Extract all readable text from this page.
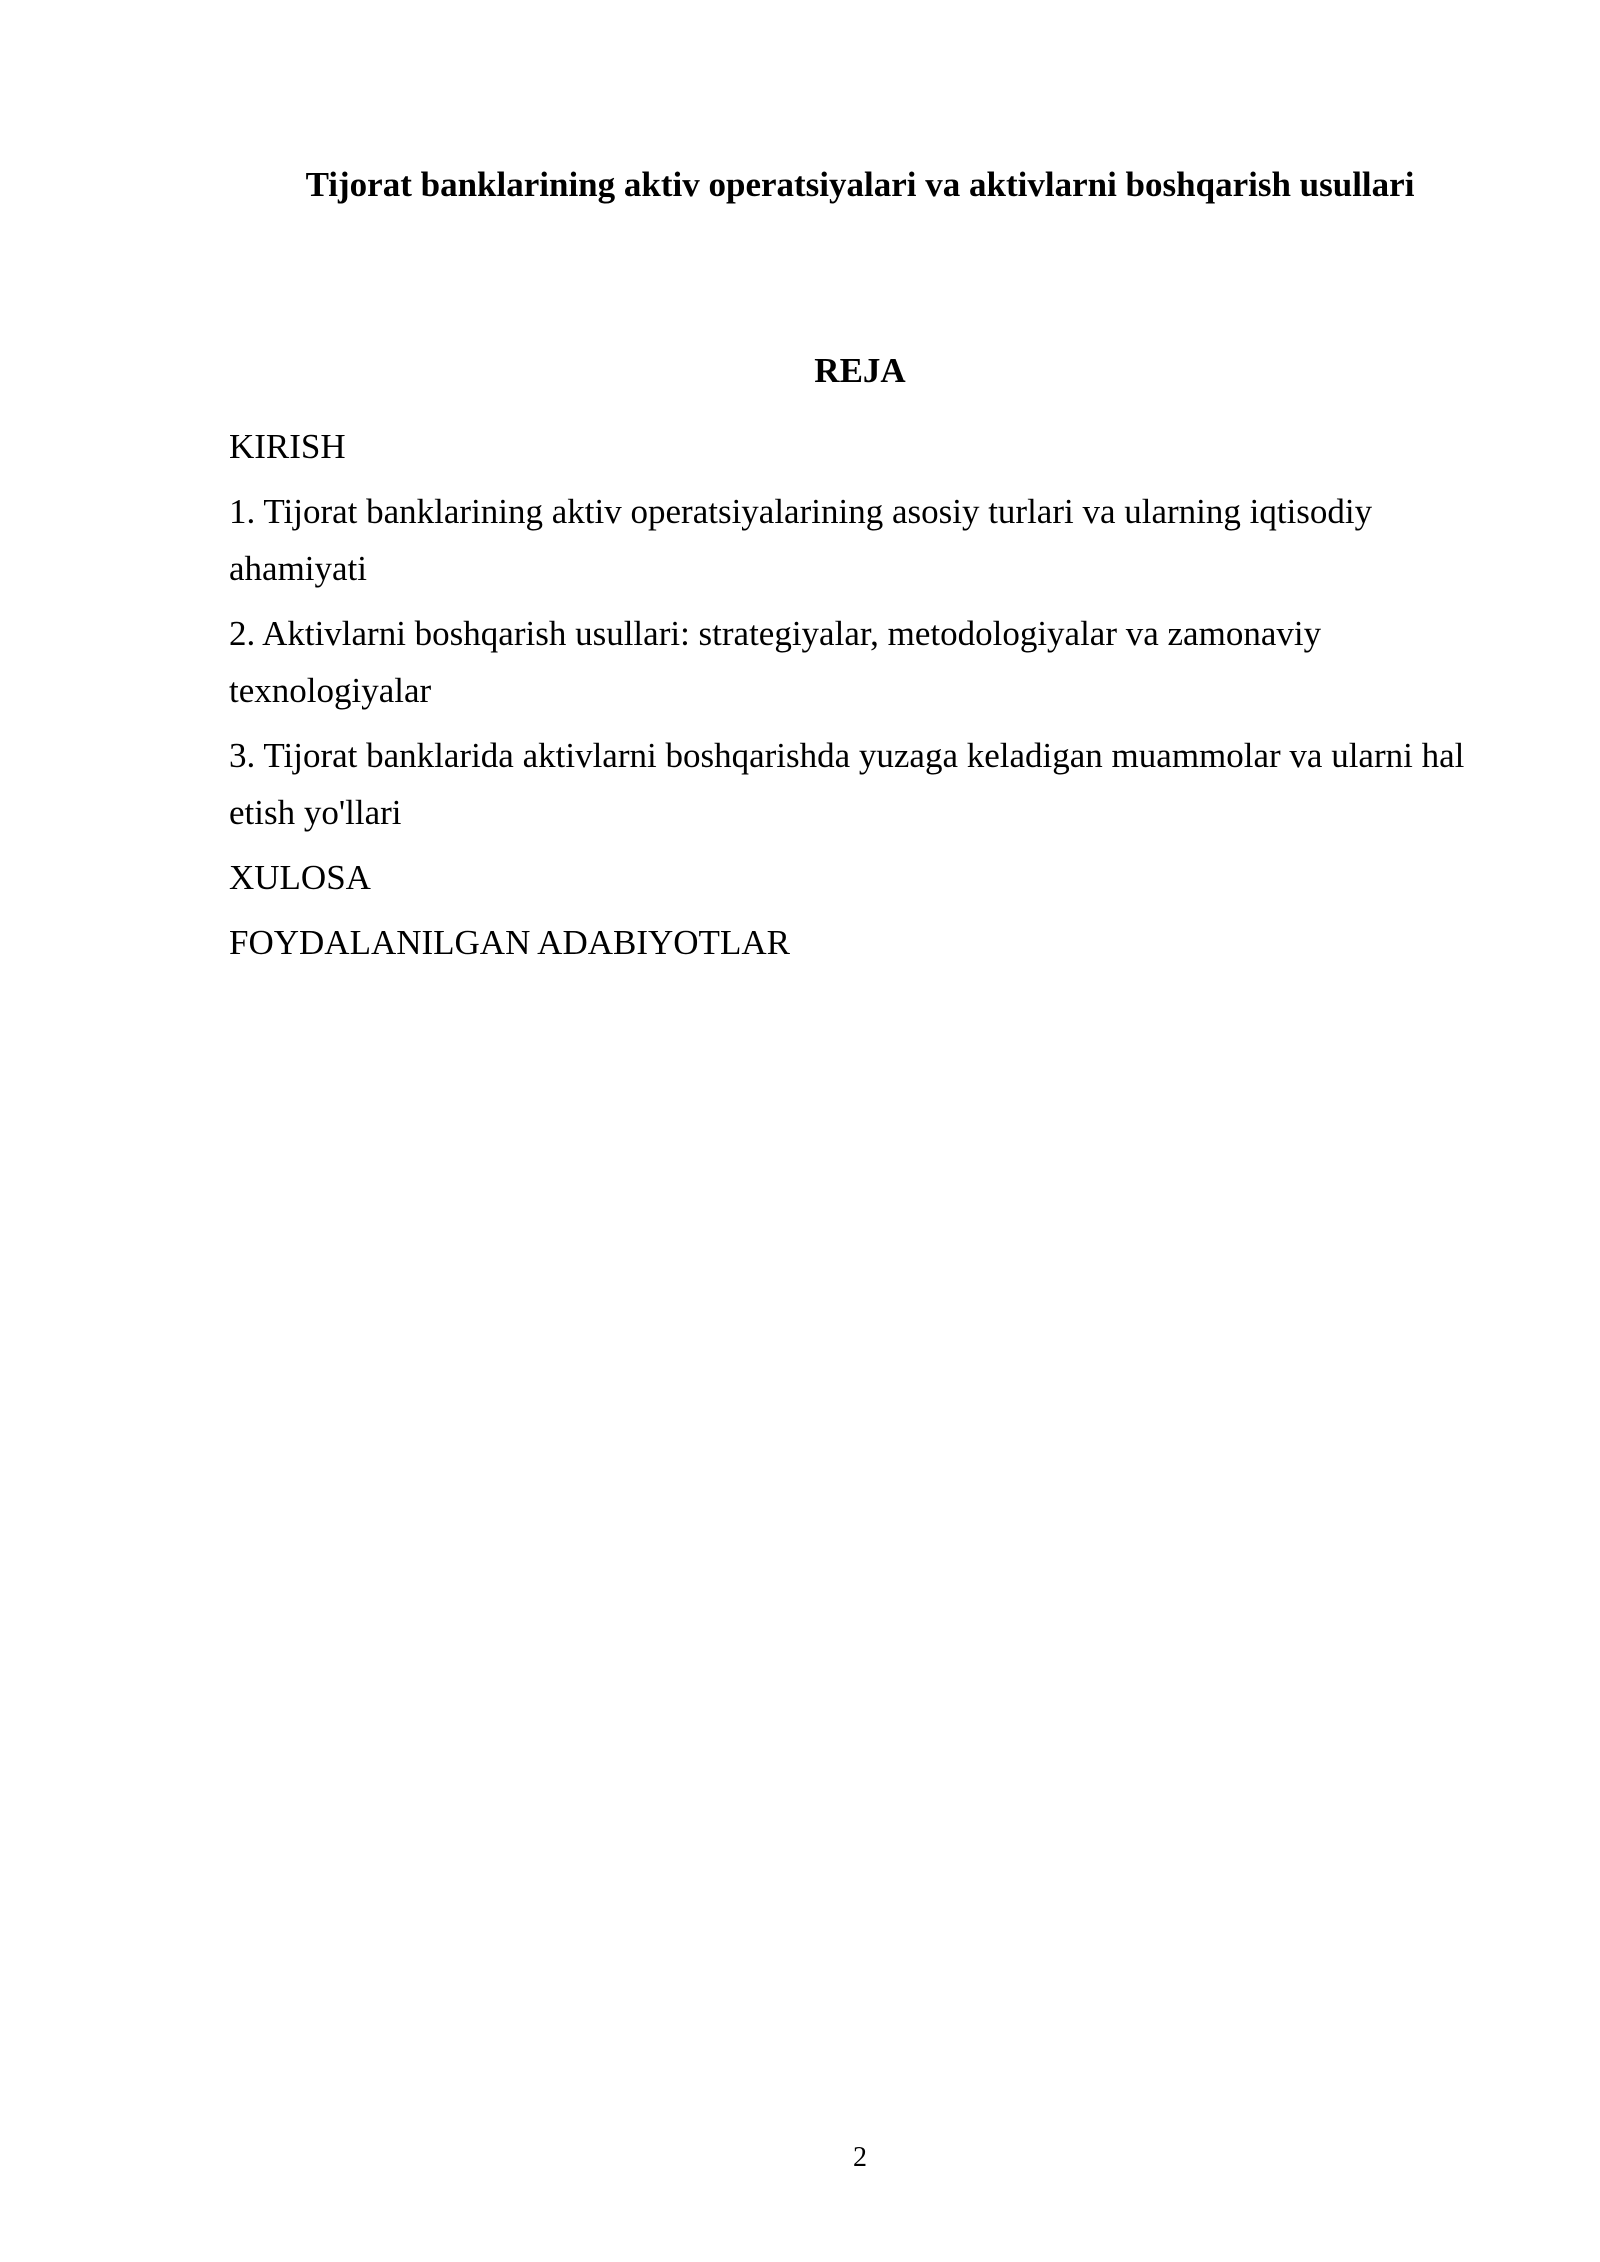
Tijorat banklarining aktiv operatsiyalari va aktivlarni boshqarish usullari
REJA
KIRISH
1. Tijorat banklarining aktiv operatsiyalarining asosiy turlari va ularning iqtisodiy ahamiyati
2. Aktivlarni boshqarish usullari: strategiyalar, metodologiyalar va zamonaviy texnologiyalar
3. Tijorat banklarida aktivlarni boshqarishda yuzaga keladigan muammolar va ularni hal etish yo'llari
XULOSA
FOYDALANILGAN ADABIYOTLAR
2
